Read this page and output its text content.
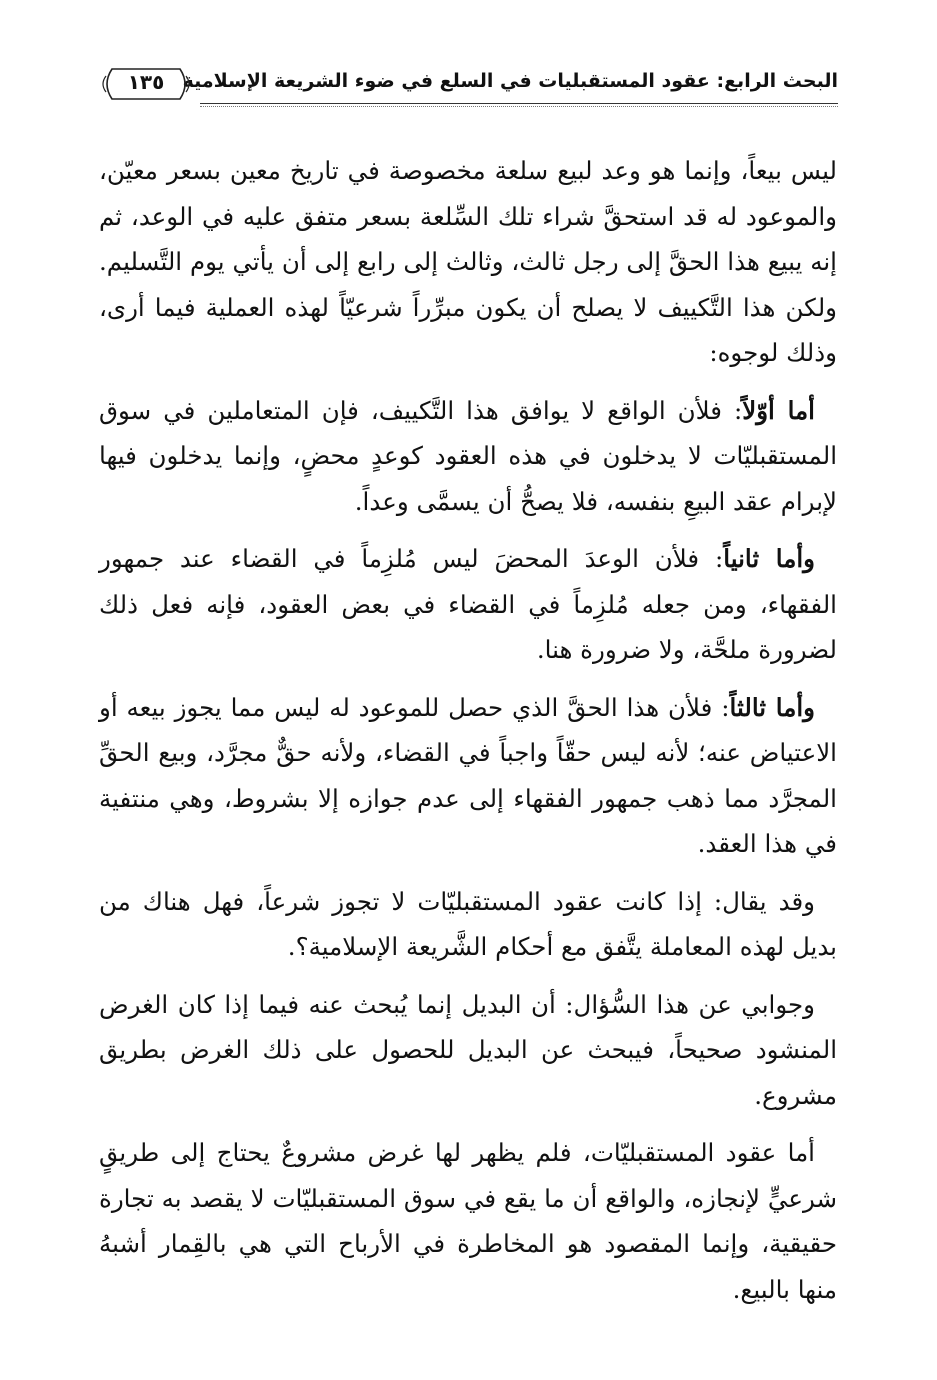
البحث الرابع: عقود المستقبليات في السلع في ضوء الشريعة الإسلامية
١٣٥

ليس بيعاً، وإنما هو وعد لبيع سلعة مخصوصة في تاريخ معين بسعر معيّن، والموعود له قد استحقَّ شراء تلك السِّلعة بسعر متفق عليه في الوعد، ثم إنه يبيع هذا الحقَّ إلى رجل ثالث، وثالث إلى رابع إلى أن يأتي يوم التَّسليم. ولكن هذا التَّكييف لا يصلح أن يكون مبرِّراً شرعيّاً لهذه العملية فيما أرى، وذلك لوجوه:

أما أوّلاً: فلأن الواقع لا يوافق هذا التَّكييف، فإن المتعاملين في سوق المستقبليّات لا يدخلون في هذه العقود كوعدٍ محضٍ، وإنما يدخلون فيها لإبرام عقد البيعِ بنفسه، فلا يصحُّ أن يسمَّى وعداً.

وأما ثانياً: فلأن الوعدَ المحضَ ليس مُلزِماً في القضاء عند جمهور الفقهاء، ومن جعله مُلزِماً في القضاء في بعض العقود، فإنه فعل ذلك لضرورة ملحَّة، ولا ضرورة هنا.

وأما ثالثاً: فلأن هذا الحقَّ الذي حصل للموعود له ليس مما يجوز بيعه أو الاعتياض عنه؛ لأنه ليس حقّاً واجباً في القضاء، ولأنه حقٌّ مجرَّد، وبيع الحقِّ المجرَّد مما ذهب جمهور الفقهاء إلى عدم جوازه إلا بشروط، وهي منتفية في هذا العقد.

وقد يقال: إذا كانت عقود المستقبليّات لا تجوز شرعاً، فهل هناك من بديل لهذه المعاملة يتَّفق مع أحكام الشَّريعة الإسلامية؟.

وجوابي عن هذا السُّؤال: أن البديل إنما يُبحث عنه فيما إذا كان الغرض المنشود صحيحاً، فيبحث عن البديل للحصول على ذلك الغرض بطريق مشروع.

أما عقود المستقبليّات، فلم يظهر لها غرض مشروعٌ يحتاج إلى طريقٍ شرعيٍّ لإنجازه، والواقع أن ما يقع في سوق المستقبليّات لا يقصد به تجارة حقيقية، وإنما المقصود هو المخاطرة في الأرباح التي هي بالقِمار أشبهُ منها بالبيع.
